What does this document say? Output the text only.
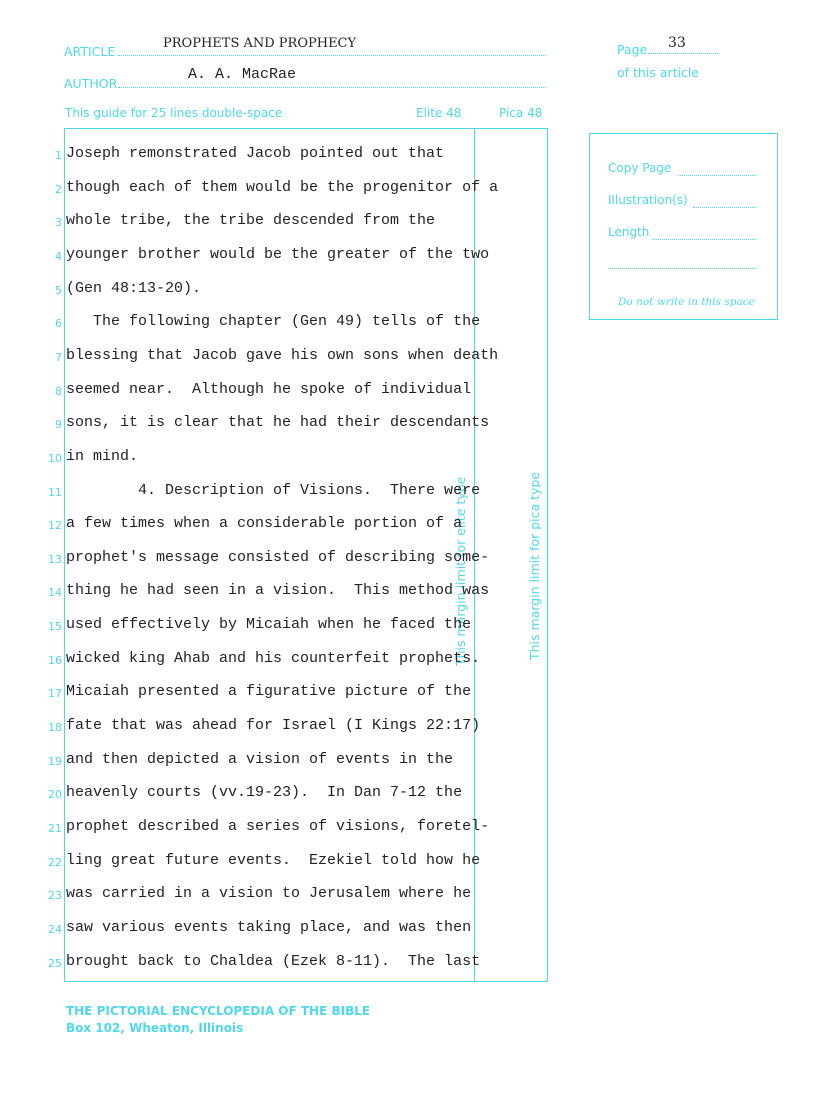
ARTICLE
PROPHETS AND PROPHECY
AUTHOR
A. A. MacRae
Page 33
of this article
This guide for 25 lines double-space	Elite 48	Pica 48
This margin limit for elite type	This margin limit for pica type
Copy Page
Illustration(s)
Length
Do not write in this space
1 Joseph remonstrated Jacob pointed out that
2 though each of them would be the progenitor of a
3 whole tribe, the tribe descended from the
4 younger brother would be the greater of the two
5 (Gen 48:13-20).
6 The following chapter (Gen 49) tells of the
7 blessing that Jacob gave his own sons when death
8 seemed near.  Although he spoke of individual
9 sons, it is clear that he had their descendants
10 in mind.
11 4. Description of Visions.  There were
12 a few times when a considerable portion of a
13 prophet's message consisted of describing some-
14 thing he had seen in a vision.  This method was
15 used effectively by Micaiah when he faced the
16 wicked king Ahab and his counterfeit prophets.
17 Micaiah presented a figurative picture of the
18 fate that was ahead for Israel (I Kings 22:17)
19 and then depicted a vision of events in the
20 heavenly courts (vv.19-23).  In Dan 7-12 the
21 prophet described a series of visions, foretel-
22 ling great future events.  Ezekiel told how he
23 was carried in a vision to Jerusalem where he
24 saw various events taking place, and was then
25 brought back to Chaldea (Ezek 8-11).  The last
THE PICTORIAL ENCYCLOPEDIA OF THE BIBLE
Box 102, Wheaton, Illinois
